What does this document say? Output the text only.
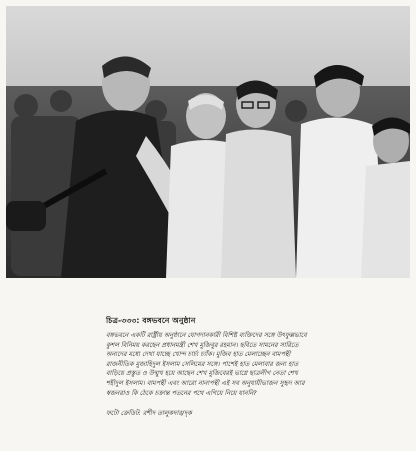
চিত্র-৩৩৩: বঙ্গভবনে অনুষ্ঠান
বঙ্গভবনে একটি রাষ্ট্রীয় অনুষ্ঠানে যোগদানকারী বিশিষ্ট ব্যক্তিদের সঙ্গে উৎফুল্লভাবে
কুশল বিনিময় করছেন প্রধানমন্ত্রী শেখ মুজিবুর রহমান। ছবিতে সামনের সারিতে
অন্যদের মধ্যে দেখা যাচ্ছে খোন্দ চার্চ্য চ্যাঁক। মুজিব হাত মেলাচ্ছেন বামপন্থী
রাজনীতিক মুজাহিদুল ইসলাম সেলিমের সঙ্গে। পাশেই হাত মেলাবার জন্য হাত
বাড়িয়ে প্রস্তুত ও উন্মুখ হয়ে আছেন শেখ মুজিবেরই ভাগ্নে ছাত্রলীগ নেতা শেখ
শহীদুল ইসলাম। বামপন্থী এবং আরো নানাপন্থী এই সব অনুযায়ীভাজন সুহৃদ আর
স্বজনরাও কি ঠেকে চক্রান্ত পতনের পথে এগিয়ে নিয়ে যাননি?
ফটো ক্রেডিট: রশীদ তালুকদার/দৃক
